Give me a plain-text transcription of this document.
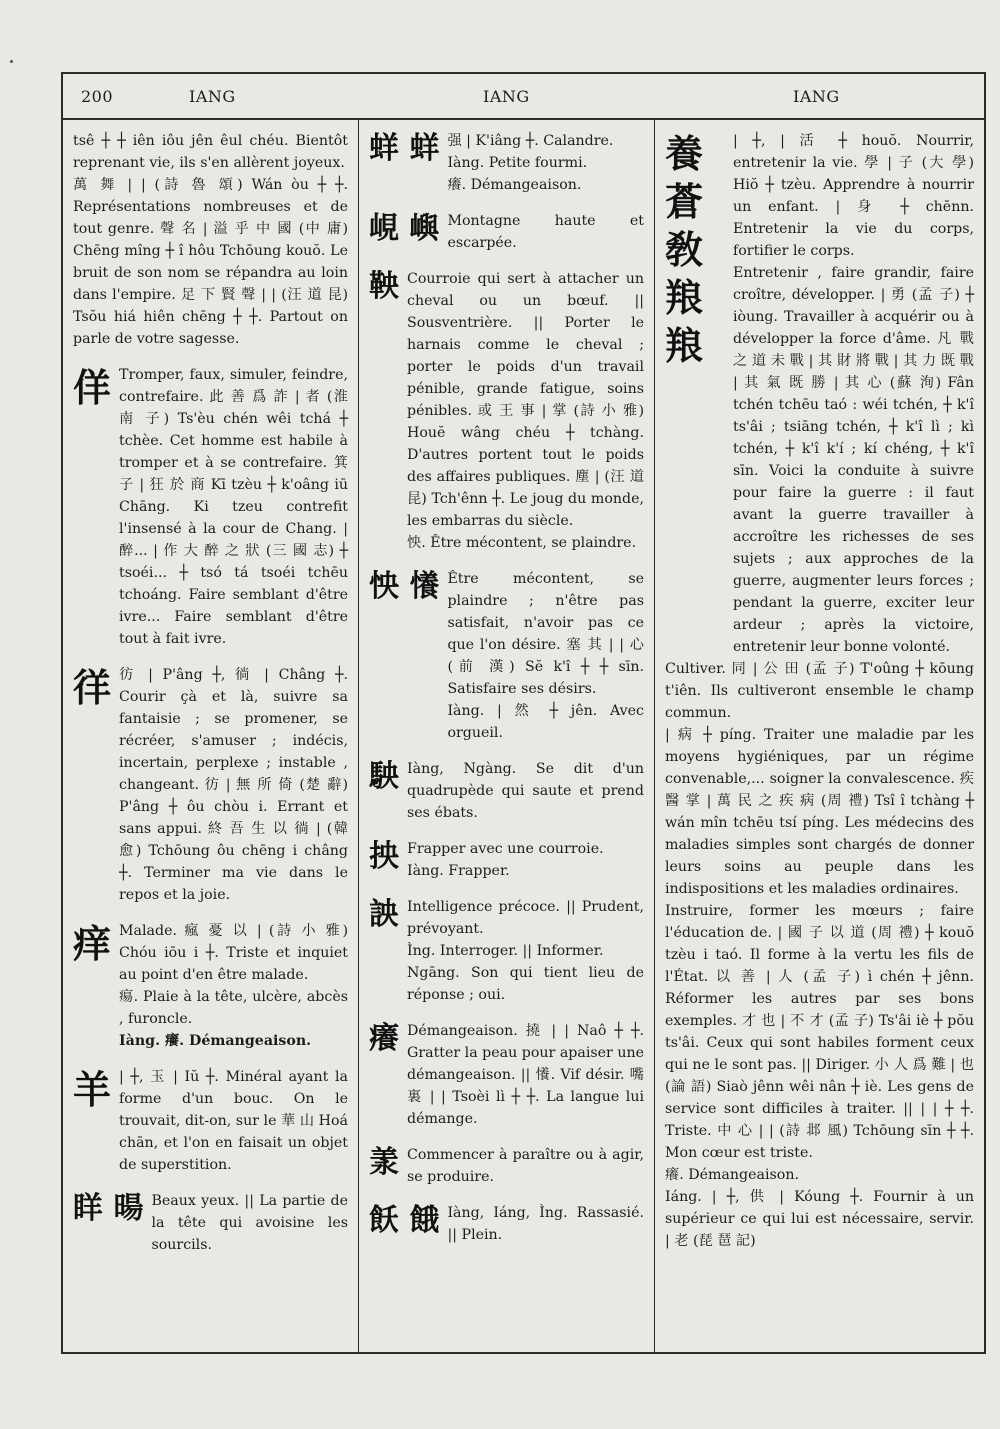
200	IANG	IANG	IANG

tsê ┼ ┼ iên iôu jên êul chéu. Bientôt reprenant vie, ils s'en allèrent joyeux.

萬 舞 | | (詩 魯 頌) Wán òu ┼ ┼. Représentations nombreuses et de tout genre. 聲 名 | 溢 乎 中 國 (中 庸) Chēng mîng ┼ î hôu Tchōung kouŏ. Le bruit de son nom se répandra au loin dans l'empire. 足 下 賢 聲 | | (汪 道 昆) Tsŏu hiá hiên chēng ┼ ┼. Partout on parle de votre sagesse.

佯 Tromper, faux, simuler, feindre, contrefaire. 此 善 爲 詐 | 者 (淮 南 子) Ts'èu chén wêi tchá ┼ tchèe. Cet homme est habile à tromper et à se contrefaire. 箕 子 | 狂 於 商 Kī tzèu ┼ k'oâng iū Chāng. Ki tzeu contrefit l'insensé à la cour de Chang. | 醉... | 作 大 醉 之 狀 (三 國 志) ┼ tsoéi... ┼ tsó tá tsoéi tchēu tchoáng. Faire semblant d'être ivre... Faire semblant d'être tout à fait ivre.

徉 彷 | P'âng ┼, 徜 | Châng ┼. Courir çà et là, suivre sa fantaisie ; se promener, se récréer, s'amuser ; indécis, incertain, perplexe ; instable , changeant. 彷 | 無 所 倚 (楚 辭) P'âng ┼ ôu chòu i. Errant et sans appui. 終 吾 生 以 徜 | (韓 愈) Tchōung ôu chēng i châng ┼. Terminer ma vie dans le repos et la joie.

痒 Malade. 瘋 憂 以 | (詩 小 雅) Chóu iōu i ┼. Triste et inquiet au point d'en être malade.

瘍. Plaie à la tête, ulcère, abcès , furoncle.

Iàng. 癢. Démangeaison.

羊 | ┼, 玉 | Iŭ ┼. Minéral ayant la forme d'un bouc. On le trouvait, dit-on, sur le 華 山 Hoá chān, et l'on en faisait un objet de superstition.

眻 暘 Beaux yeux. || La partie de la tête qui avoisine les sourcils.

蛘 蛘 强 | K'iâng ┼. Calandre.

Iàng. Petite fourmi.

癢. Démangeaison.

峴 嶼 Montagne haute et escarpée.

鞅 Courroie qui sert à attacher un cheval ou un bœuf. || Sousventrière. || Porter le harnais comme le cheval ; porter le poids d'un travail pénible, grande fatigue, soins pénibles. 或 王 事 | 掌 (詩 小 雅) Houĕ wâng chéu ┼ tchàng. D'autres portent tout le poids des affaires publiques. 塵 | (汪 道 昆) Tch'ênn ┼. Le joug du monde, les embarras du siècle.

怏. Être mécontent, se plaindre.

怏 懩 Être mécontent, se plaindre ; n'être pas satisfait, n'avoir pas ce que l'on désire. 塞 其 | | 心 (前 漢) Sĕ k'î ┼ ┼ sīn. Satisfaire ses désirs.

Iàng. | 然 ┼ jên. Avec orgueil.

駚 Iàng, Ngàng. Se dit d'un quadrupède qui saute et prend ses ébats.

抰 Frapper avec une courroie.

Iàng. Frapper.

詇 Intelligence précoce. || Prudent, prévoyant.

Ìng. Interroger. || Informer.

Ngāng. Son qui tient lieu de réponse ; oui.

癢 Démangeaison. 撓 | | Naô ┼ ┼. Gratter la peau pour apaiser une démangeaison. || 懩. Vif désir. 嘴 裏 | | Tsoèi lì ┼ ┼. La langue lui démange.

羕 Commencer à paraître ou à agir, se produire.

飫 餓 Iàng, Iáng, Ìng. Rassasié. || Plein.

養 蒼 敎 羪 羪

| ┼, | 活 ┼ houŏ. Nourrir, entretenir la vie. 學 | 子 (大 學) Hiŏ ┼ tzèu. Apprendre à nourrir un enfant. | 身 ┼ chēnn. Entretenir la vie du corps, fortifier le corps.

Entretenir , faire grandir, faire croître, développer. | 勇 (孟 子) ┼ iòung. Travailler à acquérir ou à développer la force d'âme. 凡 戰 之 道 未 戰 | 其 財 將 戰 | 其 力 既 戰 | 其 氣 既 勝 | 其 心 (蘇 洵) Fân tchén tchēu taó : wéi tchén, ┼ k'î ts'âi ; tsiāng tchén, ┼ k'î lì ; kì tchén, ┼ k'î k'í ; kí chéng, ┼ k'î sīn. Voici la conduite à suivre pour faire la guerre : il faut avant la guerre travailler à accroître les richesses de ses sujets ; aux approches de la guerre, augmenter leurs forces ; pendant la guerre, exciter leur ardeur ; après la victoire, entretenir leur bonne volonté.

Cultiver. 同 | 公 田 (孟 子) T'oûng ┼ kōung t'iên. Ils cultiveront ensemble le champ commun.

| 病 ┼ píng. Traiter une maladie par les moyens hygiéniques, par un régime convenable,... soigner la convalescence. 疾 醫 掌 | 萬 民 之 疾 病 (周 禮) Tsî î tchàng ┼ wán mîn tchēu tsí píng. Les médecins des maladies simples sont chargés de donner leurs soins au peuple dans les indispositions et les maladies ordinaires.

Instruire, former les mœurs ; faire l'éducation de. | 國 子 以 道 (周 禮) ┼ kouŏ tzèu i taó. Il forme à la vertu les fils de l'État. 以 善 | 人 (孟 子) ì chén ┼ jênn. Réformer les autres par ses bons exemples. 才 也 | 不 才 (孟 子) Ts'âi iè ┼ pŏu ts'âi. Ceux qui sont habiles forment ceux qui ne le sont pas. || Diriger. 小 人 爲 難 | 也 (論 語) Siaò jênn wêi nân ┼ iè. Les gens de service sont difficiles à traiter. || | | ┼ ┼. Triste. 中 心 | | (詩 邶 風) Tchōung sīn ┼ ┼. Mon cœur est triste.

癢. Démangeaison.

Iáng. | ┼, 供 | Kóung ┼. Fournir à un supérieur ce qui lui est nécessaire, servir. | 老 (琵 琶 記)
